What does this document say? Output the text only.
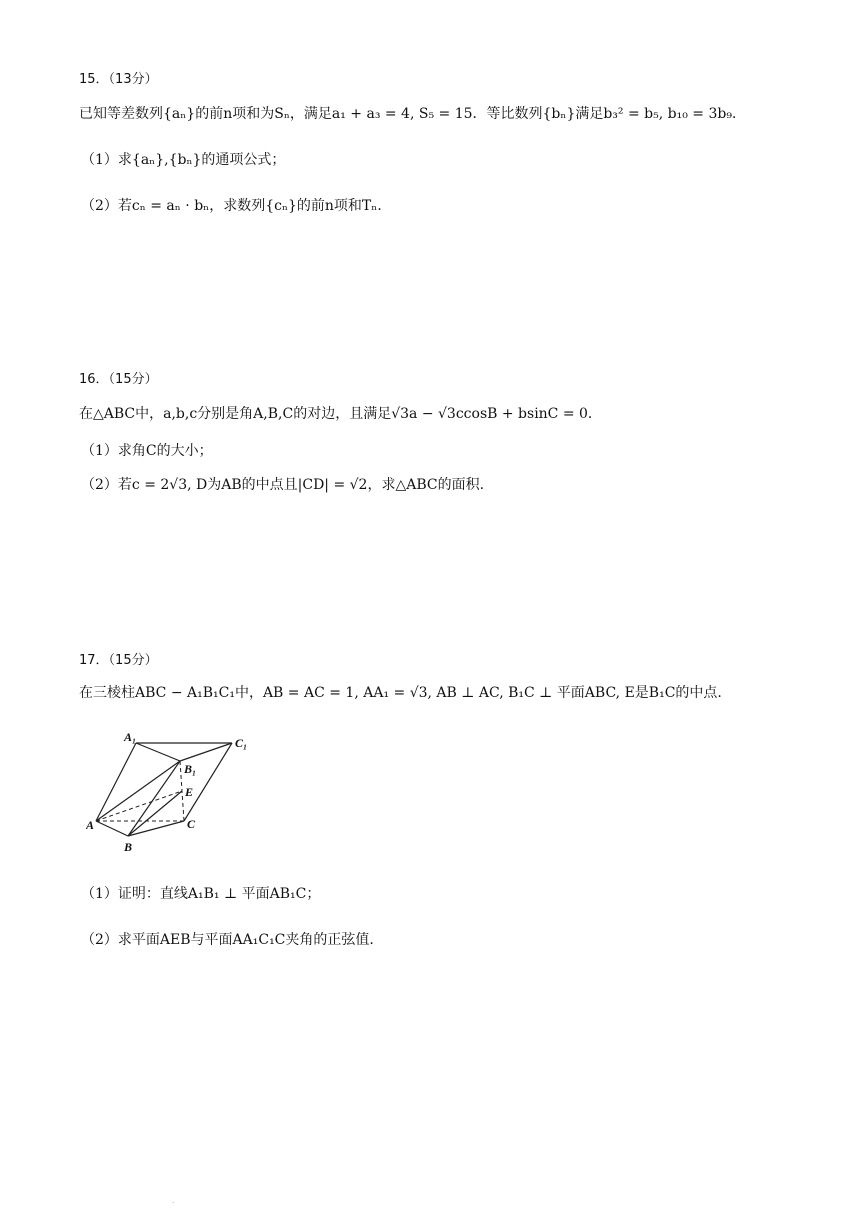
15．（13分）
已知等差数列{aₙ}的前n项和为Sₙ，满足a₁ + a₃ = 4, S₅ = 15．等比数列{bₙ}满足b₃² = b₅, b₁₀ = 3b₉．
（1）求{aₙ},{bₙ}的通项公式；
（2）若cₙ = aₙ · bₙ，求数列{cₙ}的前n项和Tₙ．
16．（15分）
在△ABC中，a,b,c分别是角A,B,C的对边，且满足√3a − √3ccosB + bsinC = 0．
（1）求角C的大小；
（2）若c = 2√3, D为AB的中点且|CD| = √2，求△ABC的面积.
17．（15分）
在三棱柱ABC − A₁B₁C₁中，AB = AC = 1, AA₁ = √3, AB ⊥ AC, B₁C ⊥ 平面ABC, E是B₁C的中点.
A₁	C₁
B₁
E
A	C
B
（1）证明：直线A₁B₁ ⊥ 平面AB₁C；
（2）求平面AEB与平面AA₁C₁C夹角的正弦值.
.
